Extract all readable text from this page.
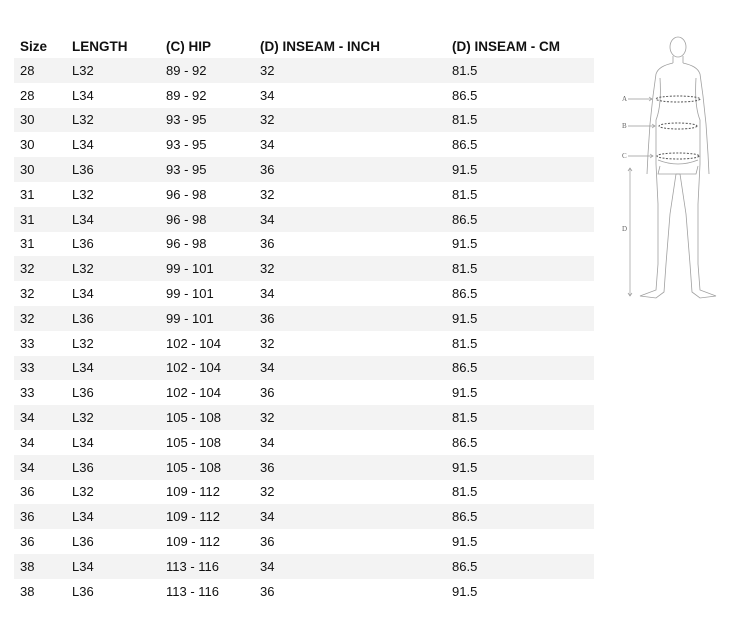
Size	LENGTH	(C) HIP	(D) INSEAM - INCH	(D) INSEAM - CM
28	L32	89 - 92	32	81.5
28	L34	89 - 92	34	86.5
30	L32	93 - 95	32	81.5
30	L34	93 - 95	34	86.5
30	L36	93 - 95	36	91.5
31	L32	96 - 98	32	81.5
31	L34	96 - 98	34	86.5
31	L36	96 - 98	36	91.5
32	L32	99 - 101	32	81.5
32	L34	99 - 101	34	86.5
32	L36	99 - 101	36	91.5
33	L32	102 - 104	32	81.5
33	L34	102 - 104	34	86.5
33	L36	102 - 104	36	91.5
34	L32	105 - 108	32	81.5
34	L34	105 - 108	34	86.5
34	L36	105 - 108	36	91.5
36	L32	109 - 112	32	81.5
36	L34	109 - 112	34	86.5
36	L36	109 - 112	36	91.5
38	L34	113 - 116	34	86.5
38	L36	113 - 116	36	91.5
A
B
C
D
